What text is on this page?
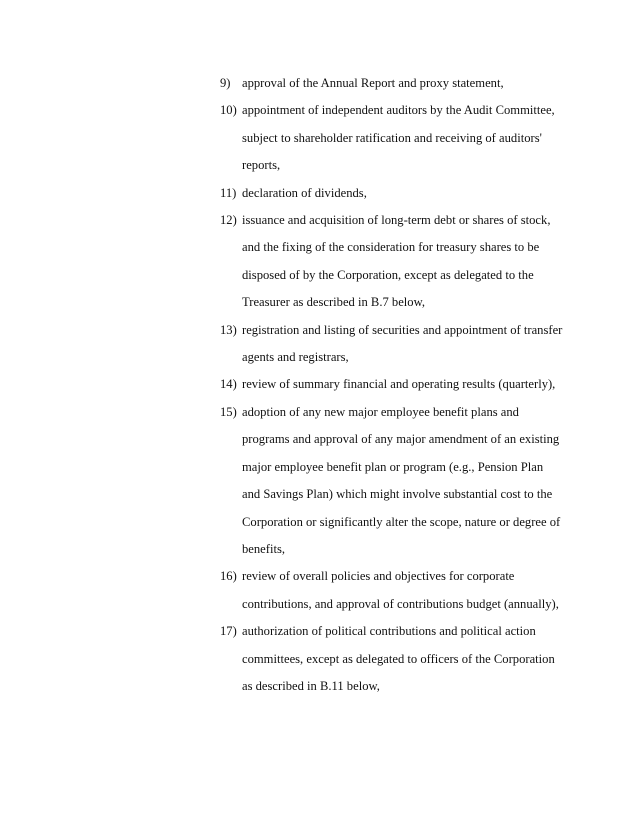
9) approval of the Annual Report and proxy statement,
10) appointment of independent auditors by the Audit Committee,
subject to shareholder ratification and receiving of auditors'
reports,
11) declaration of dividends,
12) issuance and acquisition of long-term debt or shares of stock,
and the fixing of the consideration for treasury shares to be
disposed of by the Corporation, except as delegated to the
Treasurer as described in B.7 below,
13) registration and listing of securities and appointment of transfer
agents and registrars,
14) review of summary financial and operating results (quarterly),
15) adoption of any new major employee benefit plans and
programs and approval of any major amendment of an existing
major employee benefit plan or program (e.g., Pension Plan
and Savings Plan) which might involve substantial cost to the
Corporation or significantly alter the scope, nature or degree of
benefits,
16) review of overall policies and objectives for corporate
contributions, and approval of contributions budget (annually),
17) authorization of political contributions and political action
committees, except as delegated to officers of the Corporation
as described in B.11 below,
